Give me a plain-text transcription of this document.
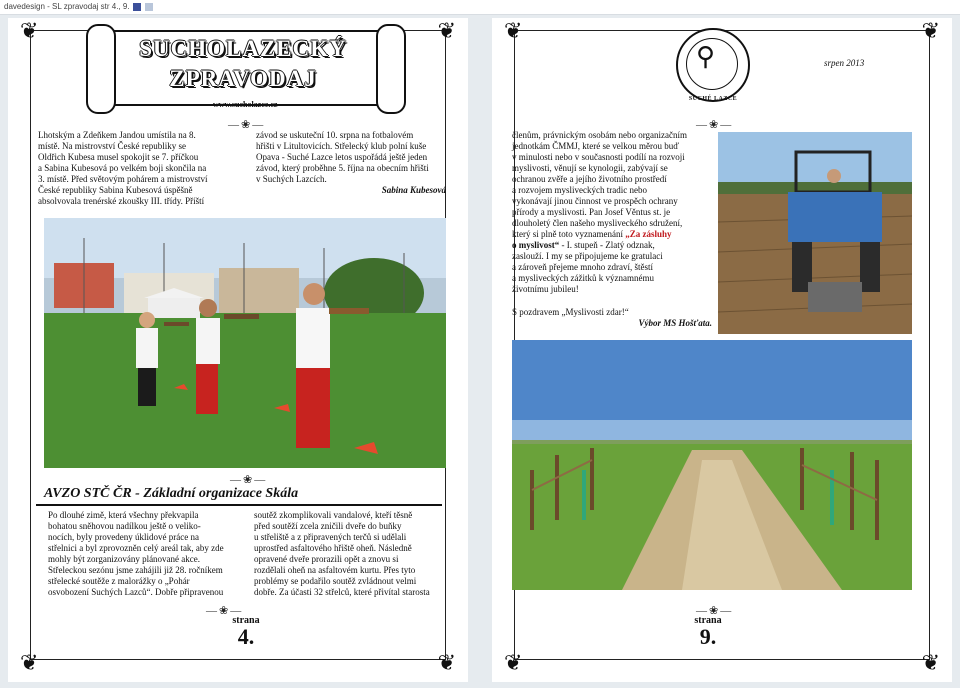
davedesign - SL zpravodaj str 4., 9.
❦	❦
❦	❦
SUCHOLAZECKÝ
ZPRAVODAJ
www.sucholazce.cz
—❀—

Lhotským a Zdeňkem Jandou umístila na 8.

místě. Na mistrovství České republiky se

Oldřich Kubesa musel spokojit se 7. příčkou

a Sabina Kubesová po velkém boji skončila na

3. místě. Před světovým pohárem a mistrovství

České republiky Sabina Kubesová úspěšně

absolvovala trenérské zkoušky III. třídy. Příští

závod se uskuteční 10. srpna na fotbalovém

hřišti v Litultovicích. Střelecký klub polní kuše

Opava - Suché Lazce letos uspořádá ještě jeden

závod, který proběhne 5. října na obecním hřišti

v Suchých Lazcích.

Sabina Kubesová
—❀—
AVZO STČ ČR - Základní organizace Skála

Po dlouhé zimě, která všechny překvapila

bohatou sněhovou nadílkou ještě o veliko-

nocích, byly provedeny úklidové práce na

střelnici a byl zprovozněn celý areál tak, aby zde

mohly být zorganizovány plánované akce.

Střeleckou sezónu jsme zahájili již 28. ročníkem

střelecké soutěže z malorážky o „Pohár

osvobození Suchých Lazců“. Dobře připravenou

soutěž zkomplikovali vandalové, kteří těsně

před soutěží zcela zničili dveře do buňky

u střeliště a z připravených terčů si udělali

uprostřed asfaltového hřiště oheň. Následně

opravené dveře prorazili opět a znovu si

rozdělali oheň na asfaltovém kurtu. Přes tyto

problémy se podařilo soutěž zvládnout velmi

dobře. Za účasti 32 střelců, které přivítal starosta

—❀—
strana
4.
❦	❦
❦	❦
⚲
SUCHÉ LAZCE
srpen 2013
—❀—

členům, právnickým osobám nebo organizačním

jednotkám ČMMJ, které se velkou měrou buď

v minulosti nebo v současnosti podílí na rozvoji

myslivosti, věnují se kynologii, zabývají se

ochranou zvěře a jejího životního prostředí

a rozvojem mysliveckých tradic nebo

vykonávají jinou činnost ve prospěch ochrany

přírody a myslivosti. Pan Josef Věntus st. je

dlouholetý člen našeho mysliveckého sdružení,

který si plně toto vyznamenání „Za zásluhy

o myslivost“ - I. stupeň - Zlatý odznak,

zaslouží. I my se připojujeme ke gratulaci

a zároveň přejeme mnoho zdraví, štěstí

a mysliveckých zážitků k významnému

životnímu jubileu!

S pozdravem „Myslivosti zdar!“

Výbor MS Hošťata.
—❀—
strana
9.
